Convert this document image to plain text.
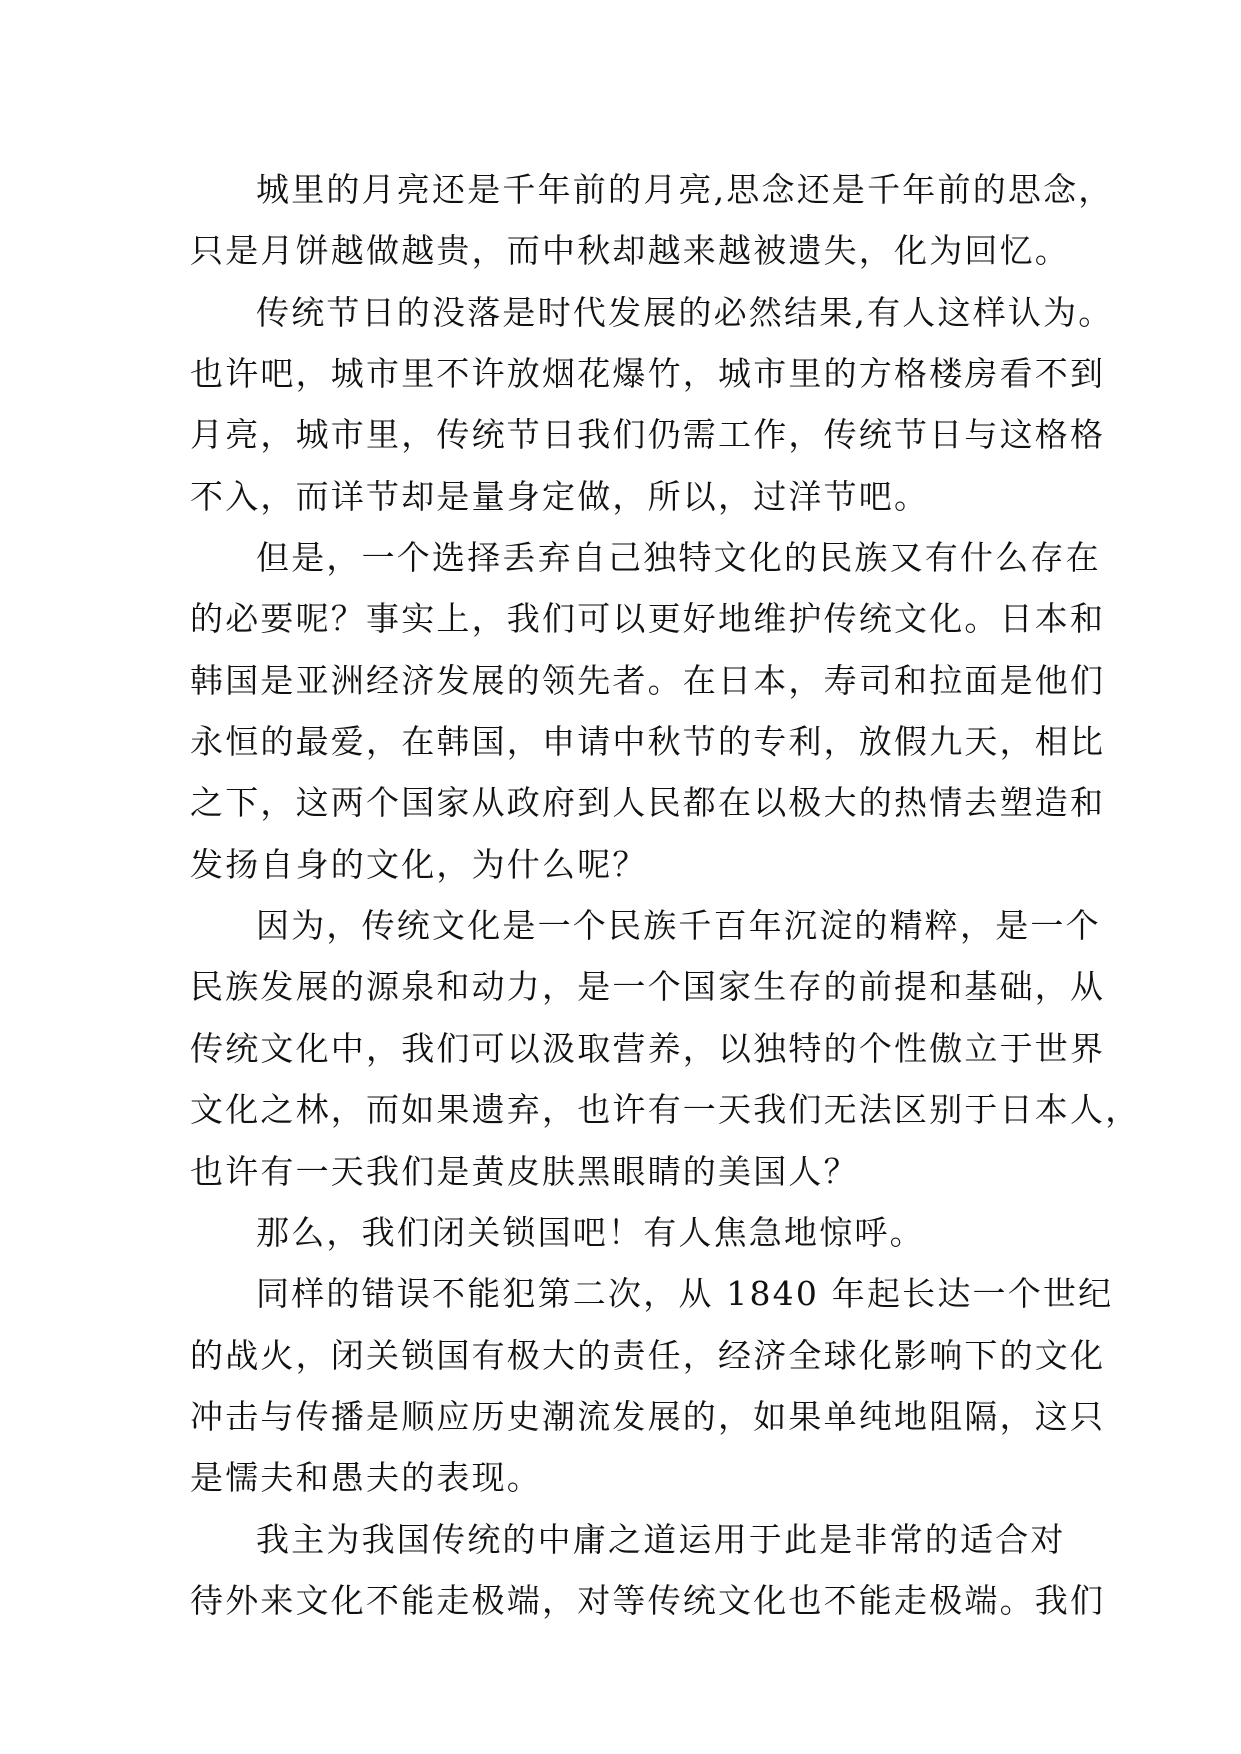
城里的月亮还是千年前的月亮,思念还是千年前的思念，
只是月饼越做越贵，而中秋却越来越被遗失，化为回忆。
传统节日的没落是时代发展的必然结果,有人这样认为。
也许吧，城市里不许放烟花爆竹，城市里的方格楼房看不到
月亮，城市里，传统节日我们仍需工作，传统节日与这格格
不入，而详节却是量身定做，所以，过洋节吧。
但是，一个选择丢弃自己独特文化的民族又有什么存在
的必要呢？事实上，我们可以更好地维护传统文化。日本和
韩国是亚洲经济发展的领先者。在日本，寿司和拉面是他们
永恒的最爱，在韩国，申请中秋节的专利，放假九天，相比
之下，这两个国家从政府到人民都在以极大的热情去塑造和
发扬自身的文化，为什么呢？
因为，传统文化是一个民族千百年沉淀的精粹，是一个
民族发展的源泉和动力，是一个国家生存的前提和基础，从
传统文化中，我们可以汲取营养，以独特的个性傲立于世界
文化之林，而如果遗弃，也许有一天我们无法区别于日本人，
也许有一天我们是黄皮肤黑眼睛的美国人？
那么，我们闭关锁国吧！有人焦急地惊呼。
同样的错误不能犯第二次，从 1840 年起长达一个世纪
的战火，闭关锁国有极大的责任，经济全球化影响下的文化
冲击与传播是顺应历史潮流发展的，如果单纯地阻隔，这只
是懦夫和愚夫的表现。
我主为我国传统的中庸之道运用于此是非常的适合对
待外来文化不能走极端，对等传统文化也不能走极端。我们
